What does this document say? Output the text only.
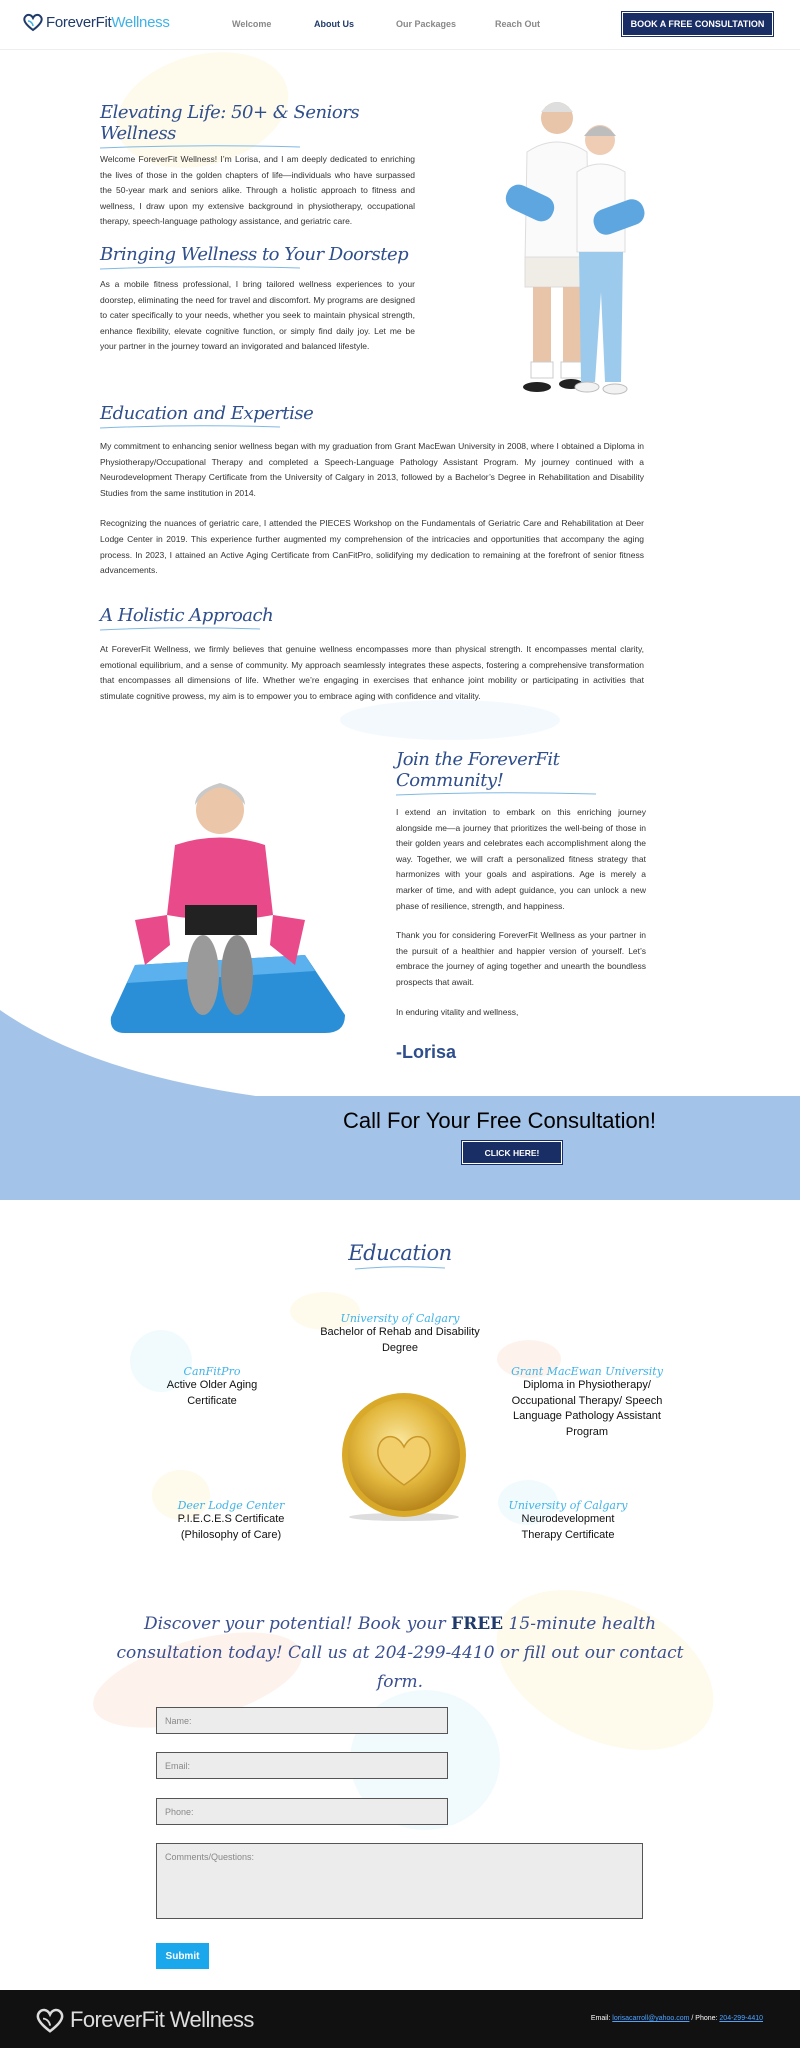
ForeverFitWellness	Welcome	About Us	Our Packages	Reach Out	BOOK A FREE CONSULTATION
Elevating Life: 50+ & Seniors Wellness

Welcome ForeverFit Wellness! I’m Lorisa, and I am deeply dedicated to enriching the lives of those in the golden chapters of life—individuals who have surpassed the 50-year mark and seniors alike. Through a holistic approach to fitness and wellness, I draw upon my extensive background in physiotherapy, occupational therapy, speech-language pathology assistance, and geriatric care.

Bringing Wellness to Your Doorstep

As a mobile fitness professional, I bring tailored wellness experiences to your doorstep, eliminating the need for travel and discomfort. My programs are designed to cater specifically to your needs, whether you seek to maintain physical strength, enhance flexibility, elevate cognitive function, or simply find daily joy. Let me be your partner in the journey toward an invigorated and balanced lifestyle.

Education and Expertise

My commitment to enhancing senior wellness began with my graduation from Grant MacEwan University in 2008, where I obtained a Diploma in Physiotherapy/Occupational Therapy and completed a Speech-Language Pathology Assistant Program. My journey continued with a Neurodevelopment Therapy Certificate from the University of Calgary in 2013, followed by a Bachelor’s Degree in Rehabilitation and Disability Studies from the same institution in 2014.

Recognizing the nuances of geriatric care, I attended the PIECES Workshop on the Fundamentals of Geriatric Care and Rehabilitation at Deer Lodge Center in 2019. This experience further augmented my comprehension of the intricacies and opportunities that accompany the aging process. In 2023, I attained an Active Aging Certificate from CanFitPro, solidifying my dedication to remaining at the forefront of senior fitness advancements.

A Holistic Approach

At ForeverFit Wellness, we firmly believes that genuine wellness encompasses more than physical strength. It encompasses mental clarity, emotional equilibrium, and a sense of community. My approach seamlessly integrates these aspects, fostering a comprehensive transformation that encompasses all dimensions of life. Whether we’re engaging in exercises that enhance joint mobility or participating in activities that stimulate cognitive prowess, my aim is to empower you to embrace aging with confidence and vitality.

Join the ForeverFit Community!

I extend an invitation to embark on this enriching journey alongside me—a journey that prioritizes the well-being of those in their golden years and celebrates each accomplishment along the way. Together, we will craft a personalized fitness strategy that harmonizes with your goals and aspirations. Age is merely a marker of time, and with adept guidance, you can unlock a new phase of resilience, strength, and happiness.

Thank you for considering ForeverFit Wellness as your partner in the pursuit of a healthier and happier version of yourself. Let’s embrace the journey of aging together and unearth the boundless prospects that await.

In enduring vitality and wellness,

-Lorisa
Call For Your Free Consultation!
CLICK HERE!
Education
University of Calgary
Bachelor of Rehab and Disability Degree
CanFitPro
Active Older Aging Certificate
Grant MacEwan University
Diploma in Physiotherapy/ Occupational Therapy/ Speech Language Pathology Assistant Program
Deer Lodge Center
P.I.E.C.E.S Certificate (Philosophy of Care)
University of Calgary
Neurodevelopment Therapy Certificate
Discover your potential! Book your FREE 15-minute health consultation today! Call us at 204-299-4410 or fill out our contact form.
Name:
Email:
Phone:
Comments/Questions:
Submit
ForeverFit Wellness	Email: lorisacarroll@yahoo.com / Phone: 204-299-4410
